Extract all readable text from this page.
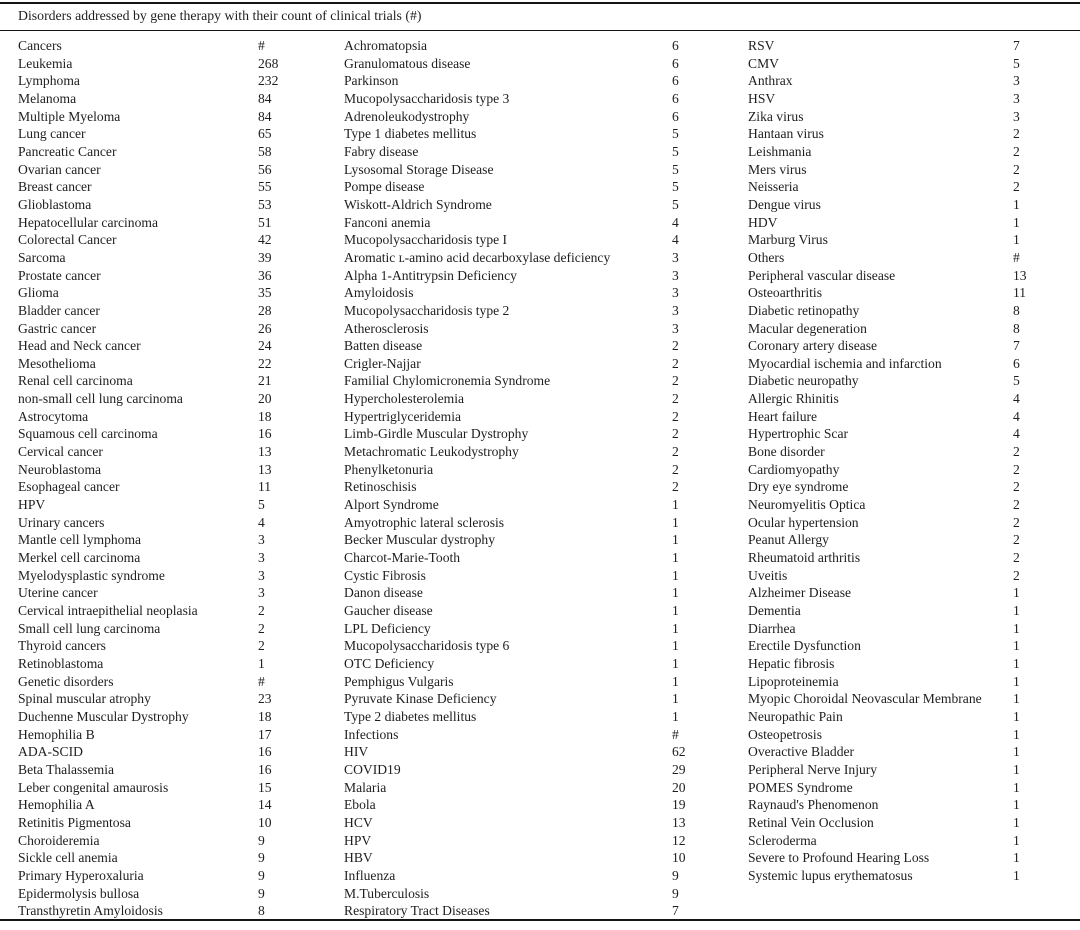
Disorders addressed by gene therapy with their count of clinical trials (#)
Cancers	#
Leukemia	268
Lymphoma	232
Melanoma	84
Multiple Myeloma	84
Lung cancer	65
Pancreatic Cancer	58
Ovarian cancer	56
Breast cancer	55
Glioblastoma	53
Hepatocellular carcinoma	51
Colorectal Cancer	42
Sarcoma	39
Prostate cancer	36
Glioma	35
Bladder cancer	28
Gastric cancer	26
Head and Neck cancer	24
Mesothelioma	22
Renal cell carcinoma	21
non-small cell lung carcinoma	20
Astrocytoma	18
Squamous cell carcinoma	16
Cervical cancer	13
Neuroblastoma	13
Esophageal cancer	11
HPV	5
Urinary cancers	4
Mantle cell lymphoma	3
Merkel cell carcinoma	3
Myelodysplastic syndrome	3
Uterine cancer	3
Cervical intraepithelial neoplasia	2
Small cell lung carcinoma	2
Thyroid cancers	2
Retinoblastoma	1
Genetic disorders	#
Spinal muscular atrophy	23
Duchenne Muscular Dystrophy	18
Hemophilia B	17
ADA-SCID	16
Beta Thalassemia	16
Leber congenital amaurosis	15
Hemophilia A	14
Retinitis Pigmentosa	10
Choroideremia	9
Sickle cell anemia	9
Primary Hyperoxaluria	9
Epidermolysis bullosa	9
Transthyretin Amyloidosis	8
Achromatopsia	6
Granulomatous disease	6
Parkinson	6
Mucopolysaccharidosis type 3	6
Adrenoleukodystrophy	6
Type 1 diabetes mellitus	5
Fabry disease	5
Lysosomal Storage Disease	5
Pompe disease	5
Wiskott-Aldrich Syndrome	5
Fanconi anemia	4
Mucopolysaccharidosis type I	4
Aromatic ʟ-amino acid decarboxylase deficiency	3
Alpha 1-Antitrypsin Deficiency	3
Amyloidosis	3
Mucopolysaccharidosis type 2	3
Atherosclerosis	3
Batten disease	2
Crigler-Najjar	2
Familial Chylomicronemia Syndrome	2
Hypercholesterolemia	2
Hypertriglyceridemia	2
Limb-Girdle Muscular Dystrophy	2
Metachromatic Leukodystrophy	2
Phenylketonuria	2
Retinoschisis	2
Alport Syndrome	1
Amyotrophic lateral sclerosis	1
Becker Muscular dystrophy	1
Charcot-Marie-Tooth	1
Cystic Fibrosis	1
Danon disease	1
Gaucher disease	1
LPL Deficiency	1
Mucopolysaccharidosis type 6	1
OTC Deficiency	1
Pemphigus Vulgaris	1
Pyruvate Kinase Deficiency	1
Type 2 diabetes mellitus	1
Infections	#
HIV	62
COVID19	29
Malaria	20
Ebola	19
HCV	13
HPV	12
HBV	10
Influenza	9
M.Tuberculosis	9
Respiratory Tract Diseases	7
RSV	7
CMV	5
Anthrax	3
HSV	3
Zika virus	3
Hantaan virus	2
Leishmania	2
Mers virus	2
Neisseria	2
Dengue virus	1
HDV	1
Marburg Virus	1
Others	#
Peripheral vascular disease	13
Osteoarthritis	11
Diabetic retinopathy	8
Macular degeneration	8
Coronary artery disease	7
Myocardial ischemia and infarction	6
Diabetic neuropathy	5
Allergic Rhinitis	4
Heart failure	4
Hypertrophic Scar	4
Bone disorder	2
Cardiomyopathy	2
Dry eye syndrome	2
Neuromyelitis Optica	2
Ocular hypertension	2
Peanut Allergy	2
Rheumatoid arthritis	2
Uveitis	2
Alzheimer Disease	1
Dementia	1
Diarrhea	1
Erectile Dysfunction	1
Hepatic fibrosis	1
Lipoproteinemia	1
Myopic Choroidal Neovascular Membrane	1
Neuropathic Pain	1
Osteopetrosis	1
Overactive Bladder	1
Peripheral Nerve Injury	1
POMES Syndrome	1
Raynaud's Phenomenon	1
Retinal Vein Occlusion	1
Scleroderma	1
Severe to Profound Hearing Loss	1
Systemic lupus erythematosus	1
